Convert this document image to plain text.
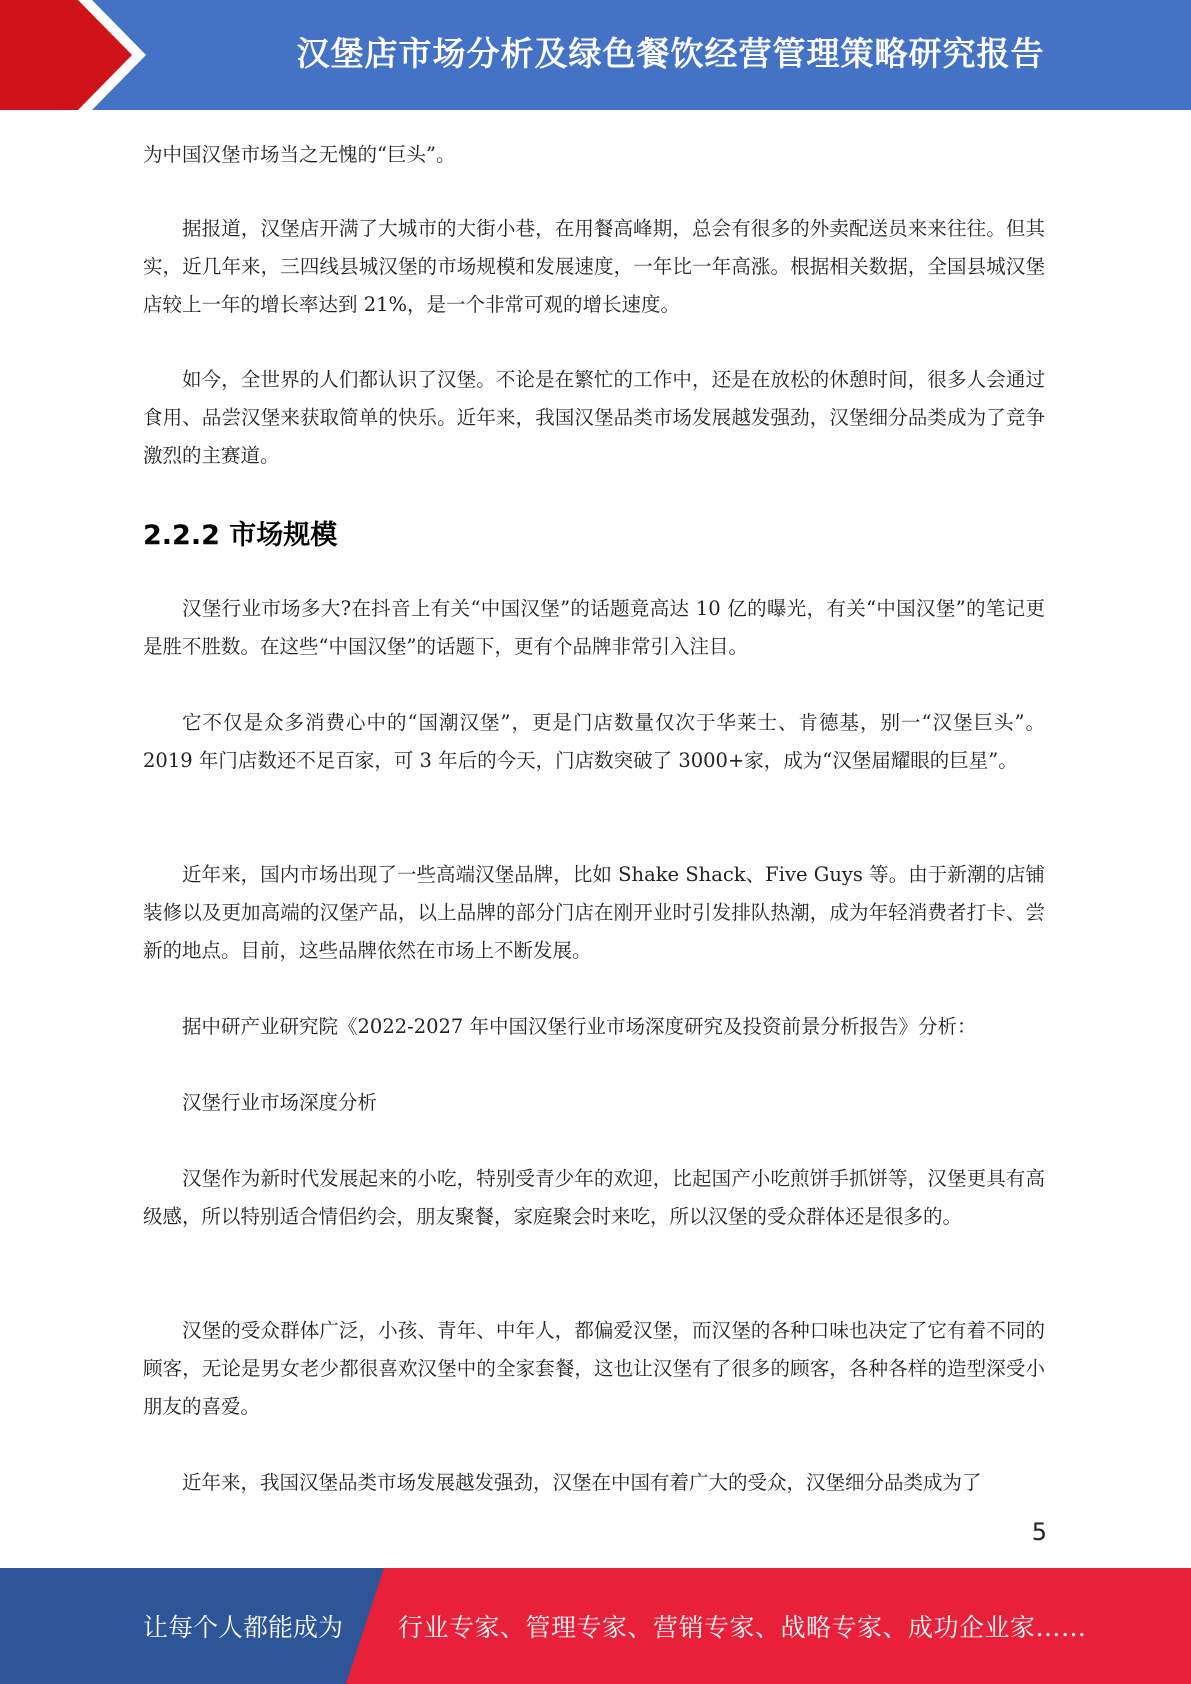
汉堡店市场分析及绿色餐饮经营管理策略研究报告

为中国汉堡市场当之无愧的“巨头”。

据报道，汉堡店开满了大城市的大街小巷，在用餐高峰期，总会有很多的外卖配送员来来往往。但其实，近几年来，三四线县城汉堡的市场规模和发展速度，一年比一年高涨。根据相关数据，全国县城汉堡店较上一年的增长率达到 21%，是一个非常可观的增长速度。

如今，全世界的人们都认识了汉堡。不论是在繁忙的工作中，还是在放松的休憩时间，很多人会通过食用、品尝汉堡来获取简单的快乐。近年来，我国汉堡品类市场发展越发强劲，汉堡细分品类成为了竞争激烈的主赛道。

2.2.2 市场规模

汉堡行业市场多大?在抖音上有关“中国汉堡”的话题竟高达 10 亿的曝光，有关“中国汉堡”的笔记更是胜不胜数。在这些“中国汉堡”的话题下，更有个品牌非常引入注目。

它不仅是众多消费心中的“国潮汉堡”，更是门店数量仅次于华莱士、肯德基，别一“汉堡巨头”。2019 年门店数还不足百家，可 3 年后的今天，门店数突破了 3000+家，成为“汉堡届耀眼的巨星”。

近年来，国内市场出现了一些高端汉堡品牌，比如 Shake Shack、Five Guys 等。由于新潮的店铺装修以及更加高端的汉堡产品，以上品牌的部分门店在刚开业时引发排队热潮，成为年轻消费者打卡、尝新的地点。目前，这些品牌依然在市场上不断发展。

据中研产业研究院《2022-2027 年中国汉堡行业市场深度研究及投资前景分析报告》分析：

汉堡行业市场深度分析

汉堡作为新时代发展起来的小吃，特别受青少年的欢迎，比起国产小吃煎饼手抓饼等，汉堡更具有高级感，所以特别适合情侣约会，朋友聚餐，家庭聚会时来吃，所以汉堡的受众群体还是很多的。

汉堡的受众群体广泛，小孩、青年、中年人，都偏爱汉堡，而汉堡的各种口味也决定了它有着不同的顾客，无论是男女老少都很喜欢汉堡中的全家套餐，这也让汉堡有了很多的顾客，各种各样的造型深受小朋友的喜爱。

近年来，我国汉堡品类市场发展越发强劲，汉堡在中国有着广大的受众，汉堡细分品类成为了

5
让每个人都能成为 行业专家、管理专家、营销专家、战略专家、成功企业家……
